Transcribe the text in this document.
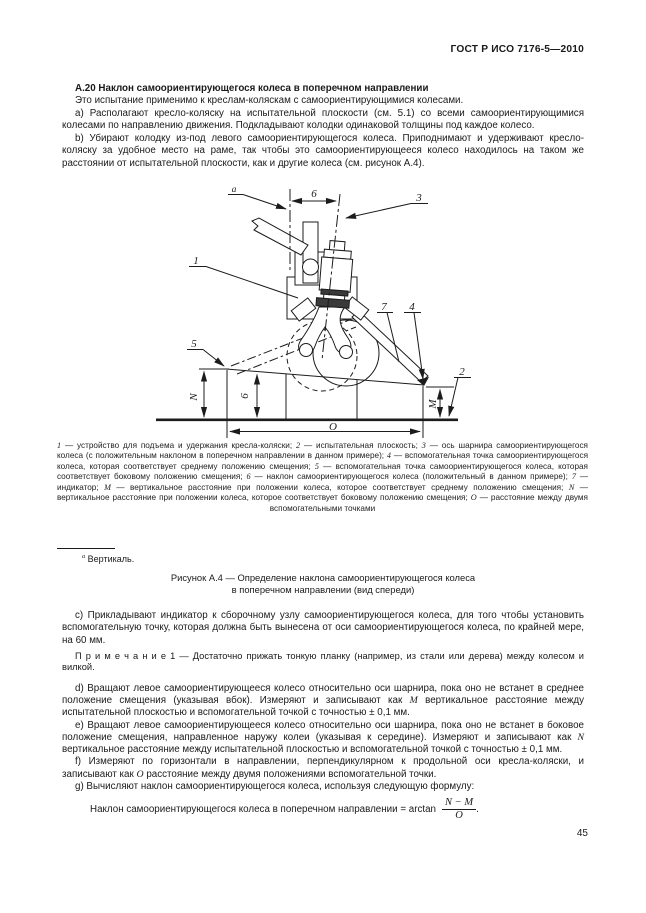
ГОСТ Р ИСО 7176-5—2010

А.20 Наклон самоориентирующегося колеса в поперечном направлении

Это испытание применимо к креслам-коляскам с самоориентирующимися колесами.

а) Располагают кресло-коляску на испытательной плоскости (см. 5.1) со всеми самоориентирующимися колесами по направлению движения. Подкладывают колодки одинаковой толщины под каждое колесо.

b) Убирают колодку из-под левого самоориентирующегося колеса. Приподнимают и удерживают кресло-коляску за удобное место на раме, так чтобы это самоориентирующееся колесо находилось на таком же расстоянии от испытательной плоскости, как и другие колеса (см. рисунок А.4).

а	6	3
1
5
7 4
2
N	6
М
O
1 — устройство для подъема и удержания кресла-коляски; 2 — испытательная плоскость; 3 — ось шарнира самоориентирующегося колеса (с положительным наклоном в поперечном направлении в данном примере); 4 — вспомогательная точка самоориентирующегося колеса, которая соответствует среднему положению смещения; 5 — вспомогательная точка самоориентирующегося колеса, которая соответствует боковому положению смещения; 6 — наклон самоориентирующегося колеса (положительный в данном примере); 7 — индикатор; М — вертикальное расстояние при положении колеса, которое соответствует среднему положению смещения; N — вертикальное расстояние при положении колеса, которое соответствует боковому положению смещения; О — расстояние между двумя вспомогательными точками
$^а$ Вертикаль.
Рисунок А.4 — Определение наклона самоориентирующегося колеса
в поперечном направлении (вид спереди)

с) Прикладывают индикатор к сборочному узлу самоориентирующегося колеса, для того чтобы установить вспомогательную точку, которая должна быть вынесена от оси самоориентирующегося колеса, по крайней мере, на 60 мм.

П р и м е ч а н и е 1 — Достаточно прижать тонкую планку (например, из стали или дерева) между колесом и вилкой.

d) Вращают левое самоориентирующееся колесо относительно оси шарнира, пока оно не встанет в среднее положение смещения (указывая вбок). Измеряют и записывают как М вертикальное расстояние между испытательной плоскостью и вспомогательной точкой с точностью ± 0,1 мм.

е) Вращают левое самоориентирующееся колесо относительно оси шарнира, пока оно не встанет в боковое положение смещения, направленное наружу колеи (указывая к середине). Измеряют и записывают как N вертикальное расстояние между испытательной плоскостью и вспомогательной точкой с точностью ± 0,1 мм.

f) Измеряют по горизонтали в направлении, перпендикулярном к продольной оси кресла-коляски, и записывают как О расстояние между двумя положениями вспомогательной точки.

g) Вычисляют наклон самоориентирующегося колеса, используя следующую формулу:

Наклон самоориентирующегося колеса в поперечном направлении = $\arctan \frac{N - M}{O}$ .
45
